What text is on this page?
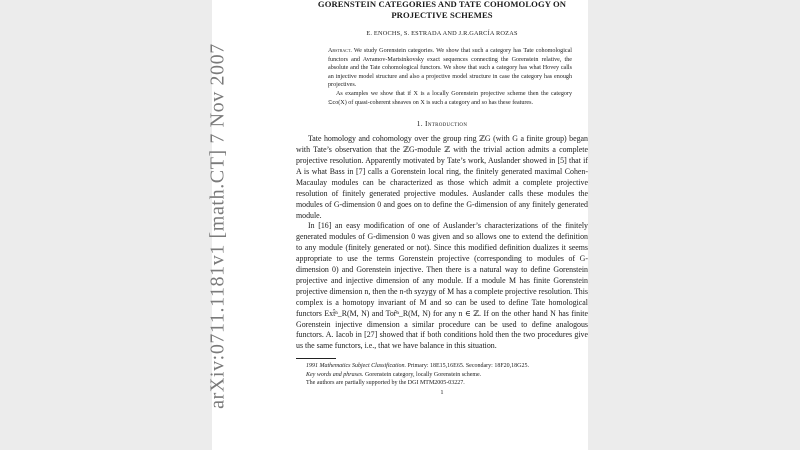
arXiv:0711.1181v1 [math.CT] 7 Nov 2007
GORENSTEIN CATEGORIES AND TATE COHOMOLOGY ON
PROJECTIVE SCHEMES
E. ENOCHS, S. ESTRADA AND J.R.GARCÍA ROZAS

Abstract. We study Gorenstein categories. We show that such a category has Tate cohomological functors and Avramov-Martsinkovsky exact sequences connecting the Gorenstein relative, the absolute and the Tate cohomological functors. We show that such a category has what Hovey calls an injective model structure and also a projective model structure in case the category has enough projectives.

As examples we show that if X is a locally Gorenstein projective scheme then the category 𝔔co(X) of quasi-coherent sheaves on X is such a category and so has these features.

1. Introduction

Tate homology and cohomology over the group ring ℤG (with G a finite group) began with Tate’s observation that the ℤG-module ℤ with the trivial action admits a complete projective resolution. Apparently motivated by Tate’s work, Auslander showed in [5] that if A is what Bass in [7] calls a Gorenstein local ring, the finitely generated maximal Cohen-Macaulay modules can be characterized as those which admit a complete projective resolution of finitely generated projective modules. Auslander calls these modules the modules of G-dimension 0 and goes on to define the G-dimension of any finitely generated module.

In [16] an easy modification of one of Auslander’s characterizations of the finitely generated modules of G-dimension 0 was given and so allows one to extend the definition to any module (finitely generated or not). Since this modified definition dualizes it seems appropriate to use the terms Gorenstein projective (corresponding to modules of G-dimension 0) and Gorenstein injective. Then there is a natural way to define Gorenstein projective and injective dimension of any module. If a module M has finite Gorenstein projective dimension n, then the n-th syzygy of M has a complete projective resolution. This complex is a homotopy invariant of M and so can be used to define Tate homological functors Ext̂ⁿ_R(M, N) and Tor̂ⁿ_R(M, N) for any n ∈ ℤ. If on the other hand N has finite Gorenstein injective dimension a similar procedure can be used to define analogous functors. A. Iacob in [27] showed that if both conditions hold then the two procedures give us the same functors, i.e., that we have balance in this situation.

1991 Mathematics Subject Classification. Primary: 18E15,16E65. Secondary: 18F20,18G25.
Key words and phrases. Gorenstein category, locally Gorenstein scheme.
The authors are partially supported by the DGI MTM2005-03227.
1
